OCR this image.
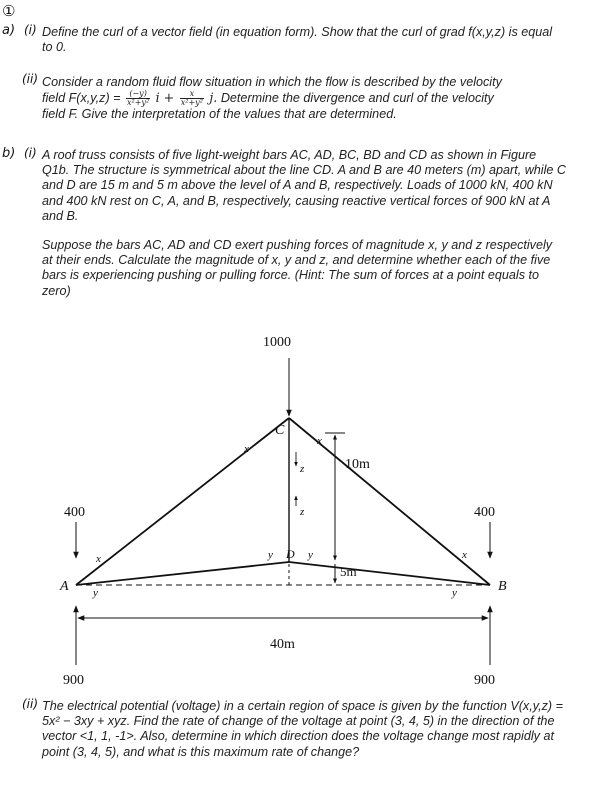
①
a) (i)
(ii)
b) (i)
(ii)

Define the curl of a vector field (in equation form). Show that the curl of grad f(x,y,z) is equal to 0.

Consider a random fluid flow situation in which the flow is described by the velocity

field $F(x,y,z) = \frac{(-y)}{\text{x²+y²}}$ $i + \frac{x}{\text{x²+y²}} j$. Determine the divergence and curl of the velocity

field F. Give the interpretation of the values that are determined.

A roof truss consists of five light-weight bars AC, AD, BC, BD and CD as shown in Figure Q1b. The structure is symmetrical about the line CD. A and B are 40 meters (m) apart, while C and D are 15 m and 5 m above the level of A and B, respectively. Loads of 1000 kN, 400 kN and 400 kN rest on C, A, and B, respectively, causing reactive vertical forces of 900 kN at A and B.

Suppose the bars AC, AD and CD exert pushing forces of magnitude x, y and z respectively at their ends. Calculate the magnitude of x, y and z, and determine whether each of the five bars is experiencing pushing or pulling force. (Hint: The sum of forces at a point equals to zero)

1000
400	400
900	900
A	B
C
D
10m
5m
40m
x
x
x
x
y
y	y
y
z
z

The electrical potential (voltage) in a certain region of space is given by the function V(x,y,z) = 5x² − 3xy + xyz. Find the rate of change of the voltage at point (3, 4, 5) in the direction of the vector <1, 1, -1>. Also, determine in which direction does the voltage change most rapidly at point (3, 4, 5), and what is this maximum rate of change?
